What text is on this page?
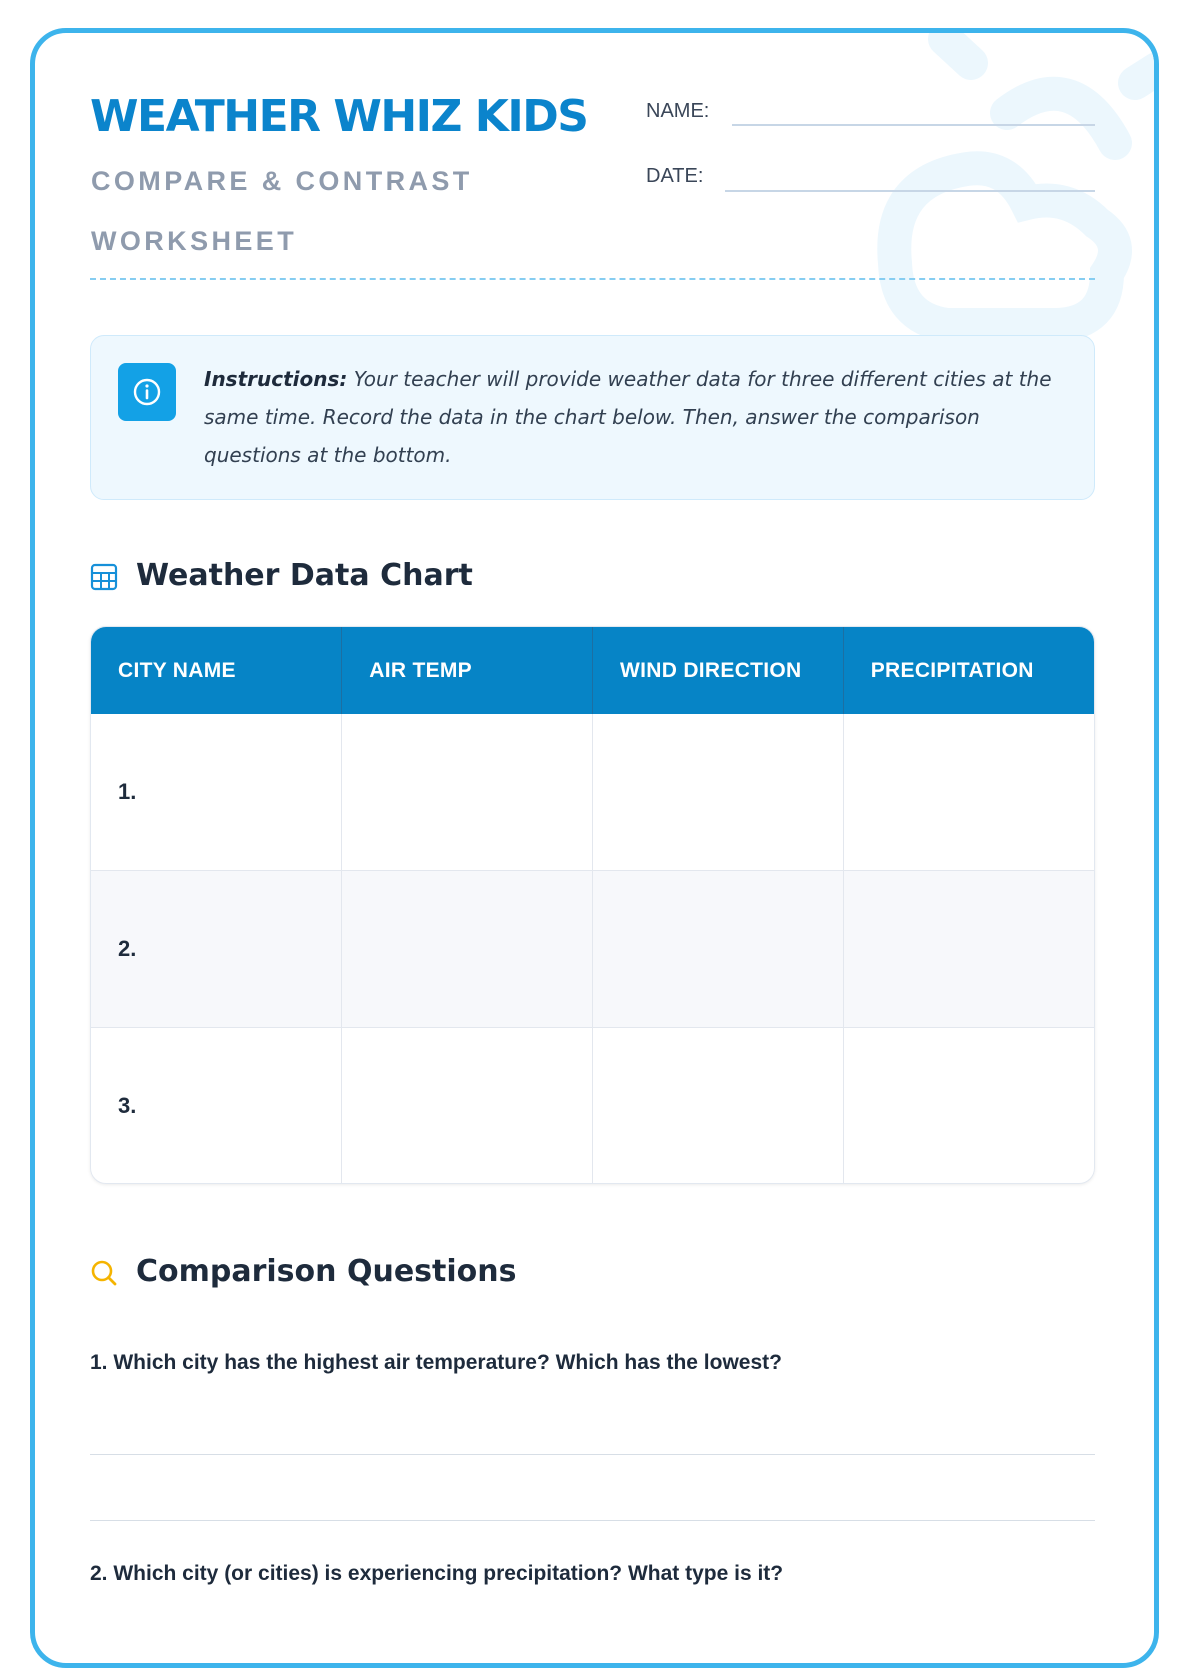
WEATHER WHIZ KIDS

COMPARE & CONTRAST WORKSHEET

NAME:
DATE:

Instructions: Your teacher will provide weather data for three different cities at the same time. Record the data in the chart below. Then, answer the comparison questions at the bottom.

Weather Data Chart
CITY NAME	AIR TEMP	WIND DIRECTION	PRECIPITATION
1.			
2.			
3.			
Comparison Questions

1. Which city has the highest air temperature? Which has the lowest?

2. Which city (or cities) is experiencing precipitation? What type is it?
